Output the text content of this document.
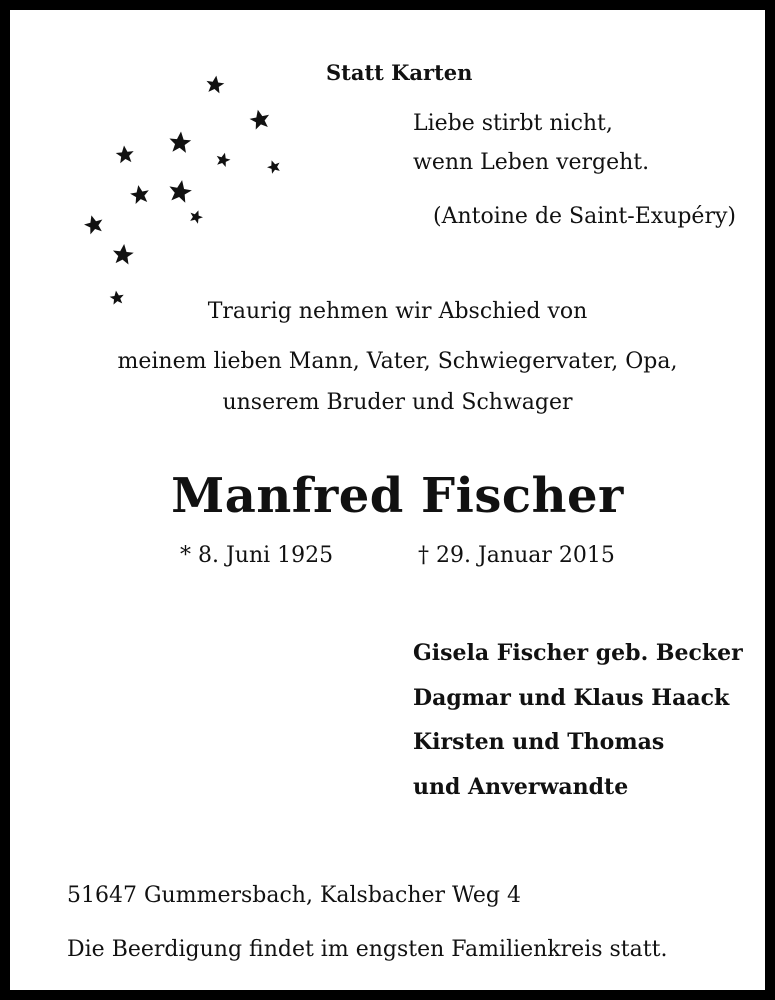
Statt Karten
Liebe stirbt nicht,
wenn Leben vergeht.
(Antoine de Saint-Exupéry)
Traurig nehmen wir Abschied von
meinem lieben Mann, Vater, Schwiegervater, Opa,
unserem Bruder und Schwager
Manfred Fischer
* 8. Juni 1925	† 29. Januar 2015
Gisela Fischer geb. Becker
Dagmar und Klaus Haack
Kirsten und Thomas
und Anverwandte
51647 Gummersbach, Kalsbacher Weg 4
Die Beerdigung findet im engsten Familienkreis statt.
